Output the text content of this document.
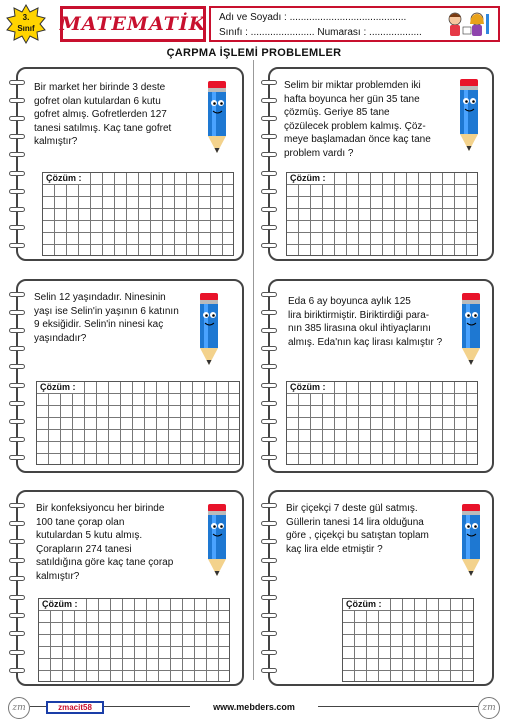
3.
Sınıf	MATEMATİK Adı ve Soyadı : ..........................................
Sınıfı : ....................... Numarası : ...................
ÇARPMA İŞLEMİ PROBLEMLER
Bir market her birinde 3 deste
gofret olan kutulardan 6 kutu
gofret almış. Gofretlerden 127
tanesi satılmış. Kaç tane gofret
kalmıştır?
Çözüm :
Selim bir miktar problemden iki
hafta boyunca her gün 35 tane
çözmüş. Geriye 85 tane
çözülecek problem kalmış. Çöz-
meye başlamadan önce kaç tane
problem vardı ?
Çözüm :
Selin 12 yaşındadır. Ninesinin
yaşı ise Selin'in yaşının 6 katının
9 eksiğidir. Selin'in ninesi kaç
yaşındadır?
Çözüm :
Eda 6 ay boyunca aylık 125
lira biriktirmiştir. Biriktirdiği para-
nın 385 lirasına okul ihtiyaçlarını
almış. Eda'nın kaç lirası kalmıştır ?
Çözüm :
Bir konfeksiyoncu her birinde
100 tane çorap olan
kutulardan 5 kutu almış.
Çorapların 274 tanesi
satıldığına göre kaç tane çorap
kalmıştır?
Çözüm :
Bir çiçekçi 7 deste gül satmış.
Güllerin tanesi 14 lira olduğuna
göre , çiçekçi bu satıştan toplam
kaç lira elde etmiştir ?
Çözüm :
zm	zm
zmacit58	www.mebders.com
